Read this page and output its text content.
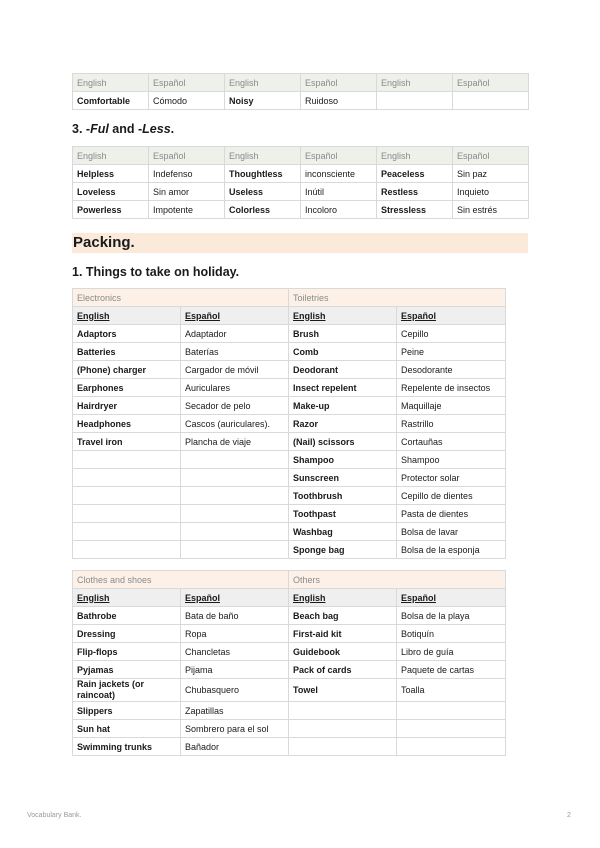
English	Español	English	Español	English	Español
Comfortable	Cómodo	Noisy	Ruidoso		
3. -Ful and -Less.
English	Español	English	Español	English	Español
Helpless	Indefenso	Thoughtless	inconsciente	Peaceless	Sin paz
Loveless	Sin amor	Useless	Inútil	Restless	Inquieto
Powerless	Impotente	Colorless	Incoloro	Stressless	Sin estrés
Packing.
1. Things to take on holiday.
Electronics		Toiletries	
English	Español	English	Español
Adaptors	Adaptador	Brush	Cepillo
Batteries	Baterías	Comb	Peine
(Phone) charger	Cargador de móvil	Deodorant	Desodorante
Earphones	Auriculares	Insect repelent	Repelente de insectos
Hairdryer	Secador de pelo	Make-up	Maquillaje
Headphones	Cascos (auriculares).	Razor	Rastrillo
Travel iron	Plancha de viaje	(Nail) scissors	Cortauñas
		Shampoo	Shampoo
		Sunscreen	Protector solar
		Toothbrush	Cepillo de dientes
		Toothpast	Pasta de dientes
		Washbag	Bolsa de lavar
		Sponge bag	Bolsa de la esponja
Clothes and shoes		Others	
English	Español	English	Español
Bathrobe	Bata de baño	Beach bag	Bolsa de la playa
Dressing	Ropa	First-aid kit	Botiquín
Flip-flops	Chancletas	Guidebook	Libro de guía
Pyjamas	Pijama	Pack of cards	Paquete de cartas
Rain jackets (or raincoat)	Chubasquero	Towel	Toalla
Slippers	Zapatillas		
Sun hat	Sombrero para el sol		
Swimming trunks	Bañador		
Vocabulary Bank.	2
